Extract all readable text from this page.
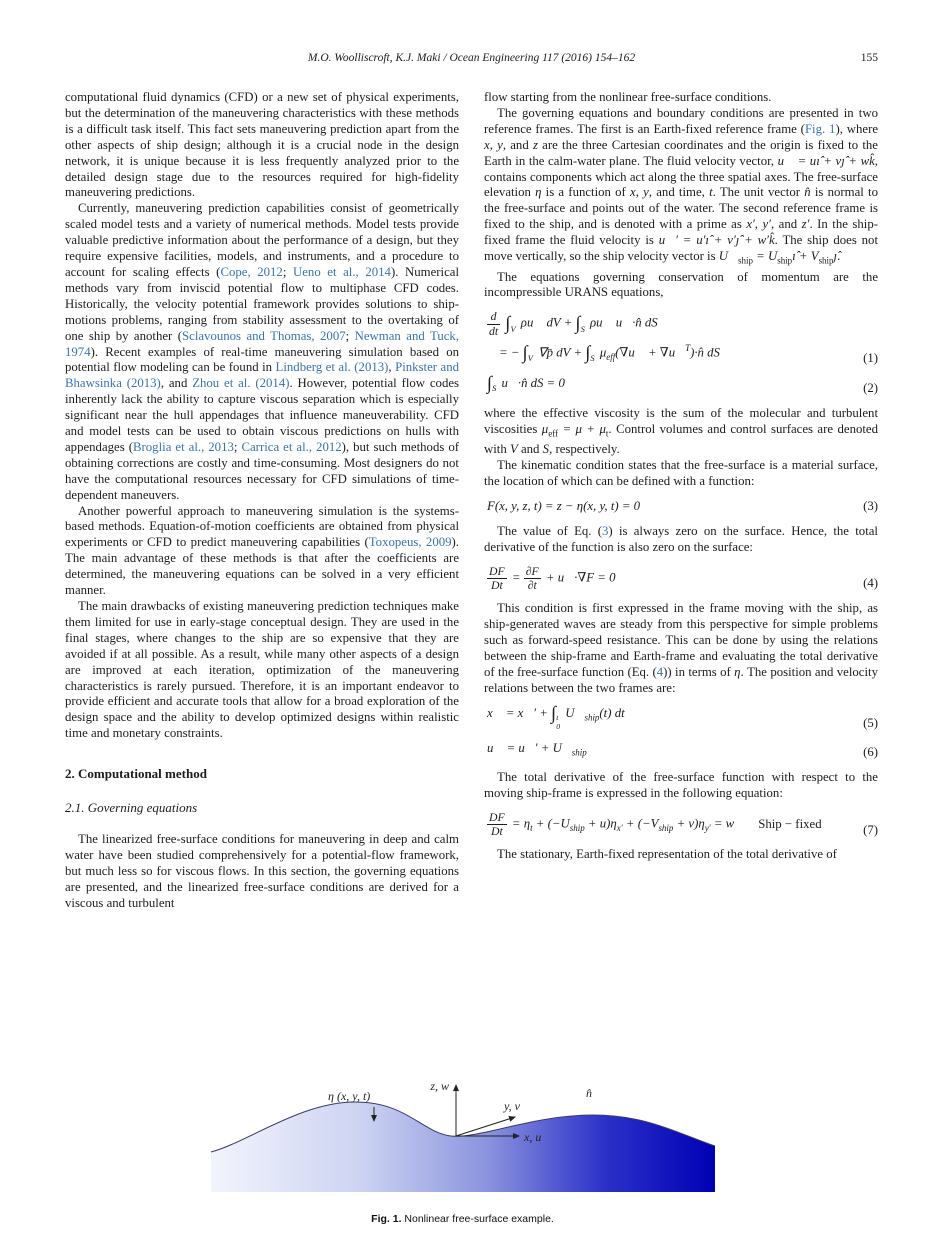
M.O. Woolliscroft, K.J. Maki / Ocean Engineering 117 (2016) 154–162	155

computational fluid dynamics (CFD) or a new set of physical experiments, but the determination of the maneuvering characteristics with these methods is a difficult task itself. This fact sets maneuvering prediction apart from the other aspects of ship design; although it is a crucial node in the design network, it is unique because it is less frequently analyzed prior to the detailed design stage due to the resources required for high-fidelity maneuvering predictions.

Currently, maneuvering prediction capabilities consist of geometrically scaled model tests and a variety of numerical methods. Model tests provide valuable predictive information about the performance of a design, but they require expensive facilities, models, and instruments, and a procedure to account for scaling effects (Cope, 2012; Ueno et al., 2014). Numerical methods vary from inviscid potential flow to multiphase CFD codes. Historically, the velocity potential framework provides solutions to ship-motions problems, ranging from stability assessment to the overtaking of one ship by another (Sclavounos and Thomas, 2007; Newman and Tuck, 1974). Recent examples of real-time maneuvering simulation based on potential flow modeling can be found in Lindberg et al. (2013), Pinkster and Bhawsinka (2013), and Zhou et al. (2014). However, potential flow codes inherently lack the ability to capture viscous separation which is especially significant near the hull appendages that influence maneuverability. CFD and model tests can be used to obtain viscous predictions on hulls with appendages (Broglia et al., 2013; Carrica et al., 2012), but such methods of obtaining corrections are costly and time-consuming. Most designers do not have the computational resources necessary for CFD simulations of time-dependent maneuvers.

Another powerful approach to maneuvering simulation is the systems-based methods. Equation-of-motion coefficients are obtained from physical experiments or CFD to predict maneuvering capabilities (Toxopeus, 2009). The main advantage of these methods is that after the coefficients are determined, the maneuvering equations can be solved in a very efficient manner.

The main drawbacks of existing maneuvering prediction techniques make them limited for use in early-stage conceptual design. They are used in the final stages, where changes to the ship are so expensive that they are avoided if at all possible. As a result, while many other aspects of a design are improved at each iteration, optimization of the maneuvering characteristics is rarely pursued. Therefore, it is an important endeavor to provide efficient and accurate tools that allow for a broad exploration of the design space and the ability to develop optimized designs within realistic time and monetary constraints.

2. Computational method
2.1. Governing equations

The linearized free-surface conditions for maneuvering in deep and calm water have been studied comprehensively for a potential-flow framework, but much less so for viscous flows. In this section, the governing equations are presented, and the linearized free-surface conditions are derived for a viscous and turbulent

flow starting from the nonlinear free-surface conditions.

The governing equations and boundary conditions are presented in two reference frames. The first is an Earth-fixed reference frame (Fig. 1), where x, y, and z are the three Cartesian coordinates and the origin is fixed to the Earth in the calm-water plane. The fluid velocity vector, u⃗ = uı̂ + vȷ̂ + wk̂, contains components which act along the three spatial axes. The free-surface elevation η is a function of x, y, and time, t. The unit vector n̂ is normal to the free-surface and points out of the water. The second reference frame is fixed to the ship, and is denoted with a prime as x′, y′, and z′. In the ship-fixed frame the fluid velocity is u⃗′ = u′ı̂ + v′ȷ̂ + w′k̂. The ship does not move vertically, so the ship velocity vector is $U⃗_{ship}$ = $U_{ship}ı̂$ + $V_{ship}ȷ̂$.

The equations governing conservation of momentum are the incompressible URANS equations,

$\frac{d}{dt} \int_V$ ρu⃗ dV + $\int_S$ ρu⃗ u⃗·n̂ dS
= − $\int_V$ ∇p̄ dV + $\int_S$ $\mu_{eff}(\nabla u⃗$ + ∇u⃗$^T$)·n̂ dS	(1)
$\int_S$ u⃗·n̂ dS = 0	(2)

where the effective viscosity is the sum of the molecular and turbulent viscosities $\mu_{eff} = \mu + \mu_t$. Control volumes and control surfaces are denoted with V and S, respectively.

The kinematic condition states that the free-surface is a material surface, the location of which can be defined with a function:

F(x, y, z, t) = z − η(x, y, t) = 0	(3)

The value of Eq. (3) is always zero on the surface. Hence, the total derivative of the function is also zero on the surface:

$\frac{DF}{Dt} = \frac{\partial F}{\partial t}$ + u⃗·∇F = 0	(4)

This condition is first expressed in the frame moving with the ship, as ship-generated waves are steady from this perspective for simple problems such as forward-speed resistance. This can be done by using the relations between the ship-frame and Earth-frame and evaluating the total derivative of the free-surface function (Eq. (4)) in terms of η. The position and velocity relations between the two frames are:

x⃗ = x⃗′ + ∫ t
0
$U⃗_{ship}(t)$ dt
(5)
u⃗ = u⃗′ + $U⃗_{ship}$	(6)

The total derivative of the free-surface function with respect to the moving ship-frame is expressed in the following equation:

$\frac{DF}{Dt} = \eta_t + (-U_{ship} + u)\eta_{x'} + (-V_{ship} + v)\eta_{y'} = w$ Ship − fixed	(7)

The stationary, Earth-fixed representation of the total derivative of

z, w
y, v
x, u
η (x, y, t)	n̂
Fig. 1. Nonlinear free-surface example.
